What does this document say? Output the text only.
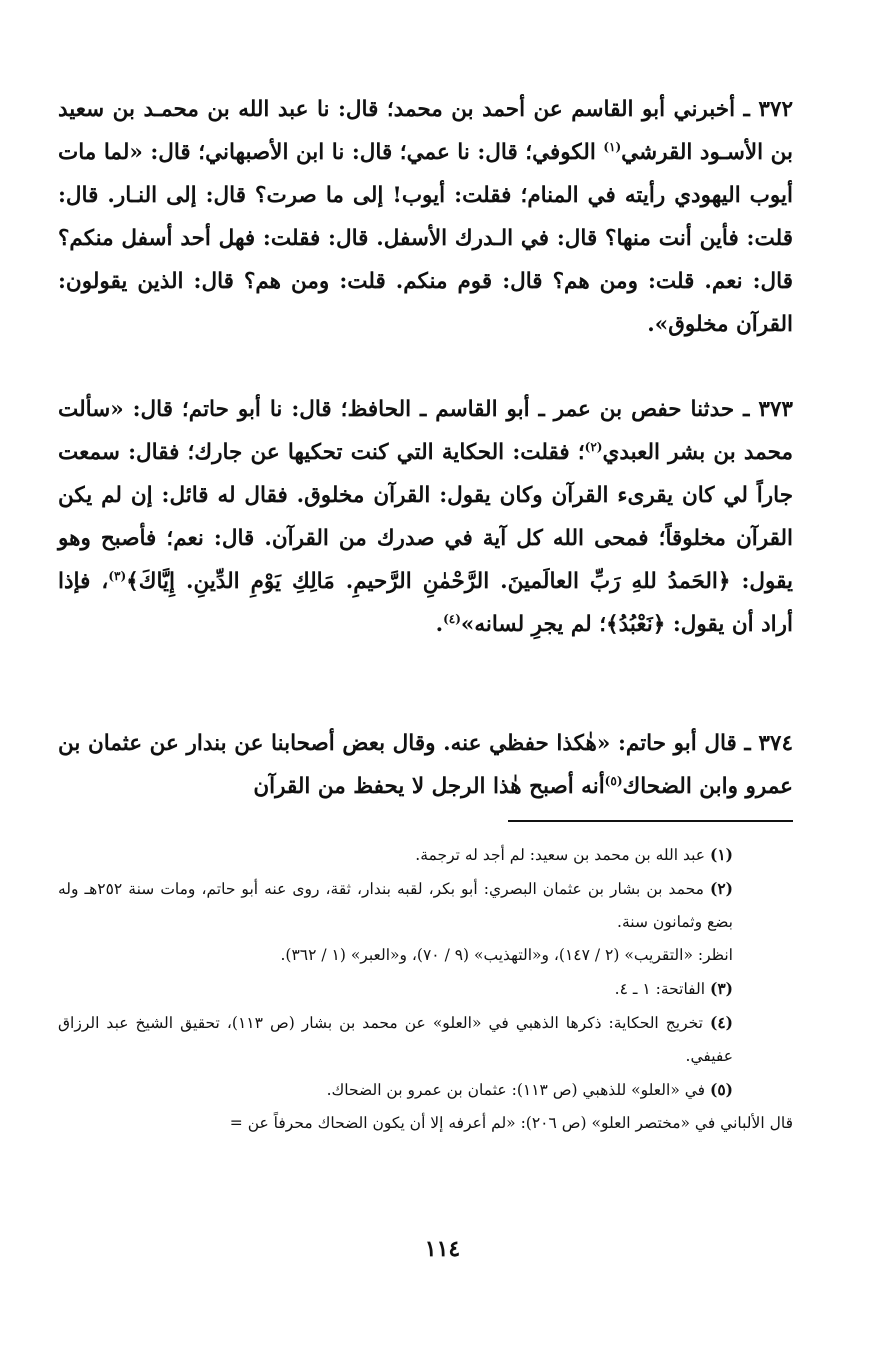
٣٧٢ ـ أخبرني أبو القاسم عن أحمد بن محمد؛ قال: نا عبد الله بن محمـد بن سعيد بن الأسـود القرشي$^{(١)}$ الكوفي؛ قال: نا عمي؛ قال: نا ابن الأصبهاني؛ قال: «لما مات أيوب اليهودي رأيته في المنام؛ فقلت: أيوب! إلى ما صرت؟ قال: إلى النـار. قال: قلت: فأين أنت منها؟ قال: في الـدرك الأسفل. قال: فقلت: فهل أحد أسفل منكم؟ قال: نعم. قلت: ومن هم؟ قال: قوم منكم. قلت: ومن هم؟ قال: الذين يقولون: القرآن مخلوق».

٣٧٣ ـ حدثنا حفص بن عمر ـ أبو القاسم ـ الحافظ؛ قال: نا أبو حاتم؛ قال: «سألت محمد بن بشر العبدي$^{(٢)}$؛ فقلت: الحكاية التي كنت تحكيها عن جارك؛ فقال: سمعت جاراً لي كان يقرىء القرآن وكان يقول: القرآن مخلوق. فقال له قائل: إن لم يكن القرآن مخلوقاً؛ فمحى الله كل آية في صدرك من القرآن. قال: نعم؛ فأصبح وهو يقول: ﴿الحَمدُ للهِ رَبِّ العالَمينَ. الرَّحْمٰنِ الرَّحيمِ. مَالِكِ يَوْمِ الدِّينِ. إِيَّاكَ﴾$^{(٣)}$، فإذا أراد أن يقول: ﴿نَعْبُدُ﴾؛ لم يجرِ لسانه»$^{(٤)}$.

٣٧٤ ـ قال أبو حاتم: «هٰكذا حفظي عنه. وقال بعض أصحابنا عن بندار عن عثمان بن عمرو وابن الضحاك$^{(٥)}$أنه أصبح هٰذا الرجل لا يحفظ من القرآن

(١) عبد الله بن محمد بن سعيد: لم أجد له ترجمة.

(٢) محمد بن بشار بن عثمان البصري: أبو بكر، لقبه بندار، ثقة، روى عنه أبو حاتم، ومات سنة ٢٥٢هـ وله بضع وثمانون سنة.

انظر: «التقريب» (٢ / ١٤٧)، و«التهذيب» (٩ / ٧٠)، و«العبر» (١ / ٣٦٢).

(٣) الفاتحة: ١ ـ ٤.

(٤) تخريج الحكاية: ذكرها الذهبي في «العلو» عن محمد بن بشار (ص ١١٣)، تحقيق الشيخ عبد الرزاق عفيفي.

(٥) في «العلو» للذهبي (ص ١١٣): عثمان بن عمرو بن الضحاك.

قال الألباني في «مختصر العلو» (ص ٢٠٦): «لم أعرفه إلا أن يكون الضحاك محرفاً عن =

١١٤
